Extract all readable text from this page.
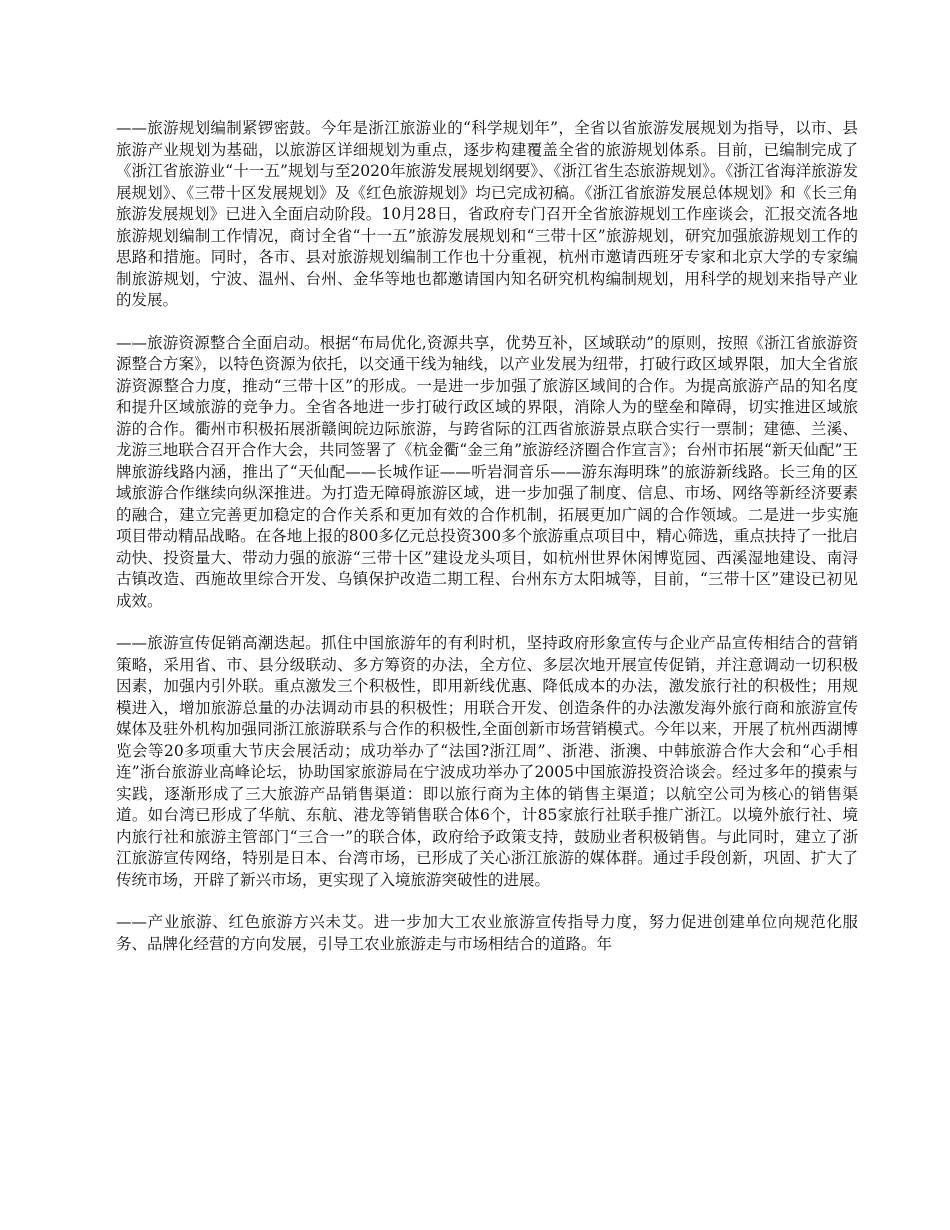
——旅游规划编制紧锣密鼓。今年是浙江旅游业的“科学规划年”，全省以省旅游发展规划为指导，以市、县旅游产业规划为基础，以旅游区详细规划为重点，逐步构建覆盖全省的旅游规划体系。目前，已编制完成了《浙江省旅游业“十一五”规划与至2020年旅游发展规划纲要》、《浙江省生态旅游规划》。《浙江省海洋旅游发展规划》、《三带十区发展规划》及《红色旅游规划》均已完成初稿。《浙江省旅游发展总体规划》和《长三角旅游发展规划》已进入全面启动阶段。10月28日，省政府专门召开全省旅游规划工作座谈会，汇报交流各地旅游规划编制工作情况，商讨全省“十一五”旅游发展规划和“三带十区”旅游规划，研究加强旅游规划工作的思路和措施。同时，各市、县对旅游规划编制工作也十分重视，杭州市邀请西班牙专家和北京大学的专家编制旅游规划，宁波、温州、台州、金华等地也都邀请国内知名研究机构编制规划，用科学的规划来指导产业的发展。

——旅游资源整合全面启动。根据“布局优化,资源共享，优势互补，区域联动”的原则，按照《浙江省旅游资源整合方案》，以特色资源为依托，以交通干线为轴线，以产业发展为纽带，打破行政区域界限，加大全省旅游资源整合力度，推动“三带十区”的形成。一是进一步加强了旅游区域间的合作。为提高旅游产品的知名度和提升区域旅游的竞争力。全省各地进一步打破行政区域的界限，消除人为的壁垒和障碍，切实推进区域旅游的合作。衢州市积极拓展浙赣闽皖边际旅游，与跨省际的江西省旅游景点联合实行一票制；建德、兰溪、龙游三地联合召开合作大会，共同签署了《杭金衢“金三角”旅游经济圈合作宣言》；台州市拓展“新天仙配”王牌旅游线路内涵，推出了“天仙配——长城作证——听岩洞音乐——游东海明珠”的旅游新线路。长三角的区域旅游合作继续向纵深推进。为打造无障碍旅游区域，进一步加强了制度、信息、市场、网络等新经济要素的融合，建立完善更加稳定的合作关系和更加有效的合作机制，拓展更加广阔的合作领域。二是进一步实施项目带动精品战略。在各地上报的800多亿元总投资300多个旅游重点项目中，精心筛选，重点扶持了一批启动快、投资量大、带动力强的旅游“三带十区”建设龙头项目，如杭州世界休闲博览园、西溪湿地建设、南浔古镇改造、西施故里综合开发、乌镇保护改造二期工程、台州东方太阳城等，目前，“三带十区”建设已初见成效。

——旅游宣传促销高潮迭起。抓住中国旅游年的有利时机，坚持政府形象宣传与企业产品宣传相结合的营销策略，采用省、市、县分级联动、多方筹资的办法，全方位、多层次地开展宣传促销，并注意调动一切积极因素，加强内引外联。重点激发三个积极性，即用新线优惠、降低成本的办法，激发旅行社的积极性；用规模进入，增加旅游总量的办法调动市县的积极性；用联合开发、创造条件的办法激发海外旅行商和旅游宣传媒体及驻外机构加强同浙江旅游联系与合作的积极性,全面创新市场营销模式。今年以来，开展了杭州西湖博览会等20多项重大节庆会展活动；成功举办了“法国?浙江周”、浙港、浙澳、中韩旅游合作大会和“心手相连”浙台旅游业高峰论坛，协助国家旅游局在宁波成功举办了2005中国旅游投资洽谈会。经过多年的摸索与实践，逐渐形成了三大旅游产品销售渠道：即以旅行商为主体的销售主渠道；以航空公司为核心的销售渠道。如台湾已形成了华航、东航、港龙等销售联合体6个，计85家旅行社联手推广浙江。以境外旅行社、境内旅行社和旅游主管部门“三合一”的联合体，政府给予政策支持，鼓励业者积极销售。与此同时，建立了浙江旅游宣传网络，特别是日本、台湾市场，已形成了关心浙江旅游的媒体群。通过手段创新，巩固、扩大了传统市场，开辟了新兴市场，更实现了入境旅游突破性的进展。

——产业旅游、红色旅游方兴未艾。进一步加大工农业旅游宣传指导力度，努力促进创建单位向规范化服务、品牌化经营的方向发展，引导工农业旅游走与市场相结合的道路。年
